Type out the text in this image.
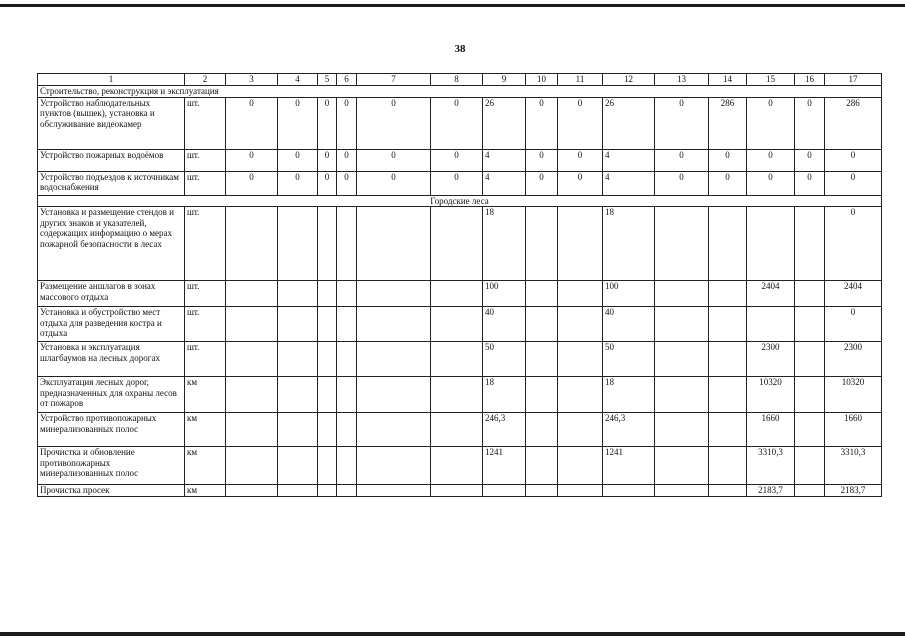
38
1	2	3	4	5	6	7	8	9	10	11	12	13	14	15	16	17
Строительство, реконструкция и эксплуатация																
Устройство наблюдательных пунктов (вышек), установка и обслуживание видеокамер	шт.	0	0	0	0	0	0	26	0	0	26	0	286	0	0	286
Устройство пожарных водоёмов	шт.	0	0	0	0	0	0	4	0	0	4	0	0	0	0	0
Устройство подъездов к источникам водоснабжения	шт.	0	0	0	0	0	0	4	0	0	4	0	0	0	0	0
Городские леса																
Установка и размещение стендов и других знаков и указателей, содержащих информацию о мерах пожарной безопасности в лесах	шт.							18			18					0
Размещение аншлагов в зонах массового отдыха	шт.							100			100			2404		2404
Установка и обустройство мест отдыха для разведения костра и отдыха	шт.							40			40					0
Установка и эксплуатация шлагбаумов на лесных дорогах	шт.							50			50			2300		2300
Эксплуатация лесных дорог, предназначенных для охраны лесов от пожаров	км							18			18			10320		10320
Устройство противопожарных минерализованных полос	км							246,3			246,3			1660		1660
Прочистка и обновление противопожарных минерализованных полос	км							1241			1241			3310,3		3310,3
Прочистка просек	км													2183,7		2183,7
